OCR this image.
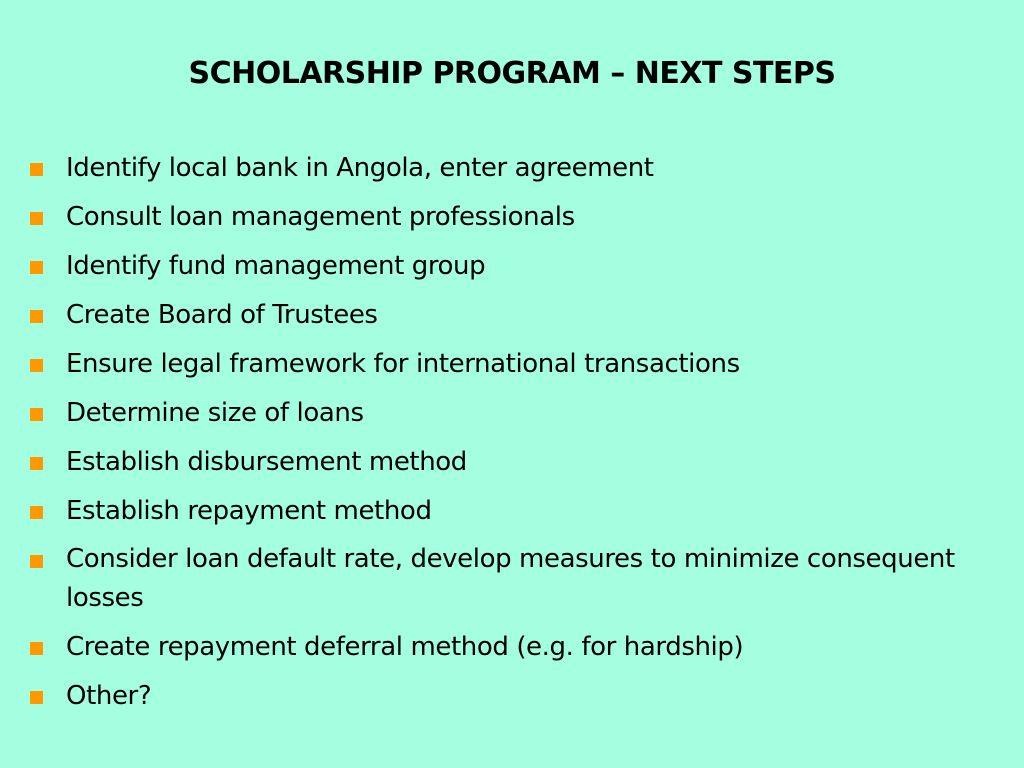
SCHOLARSHIP PROGRAM – NEXT STEPS
Identify local bank in Angola, enter agreement
Consult loan management professionals
Identify fund management group
Create Board of Trustees
Ensure legal framework for international transactions
Determine size of loans
Establish disbursement method
Establish repayment method
Consider loan default rate, develop measures to minimize consequent losses
Create repayment deferral method (e.g. for hardship)
Other?
